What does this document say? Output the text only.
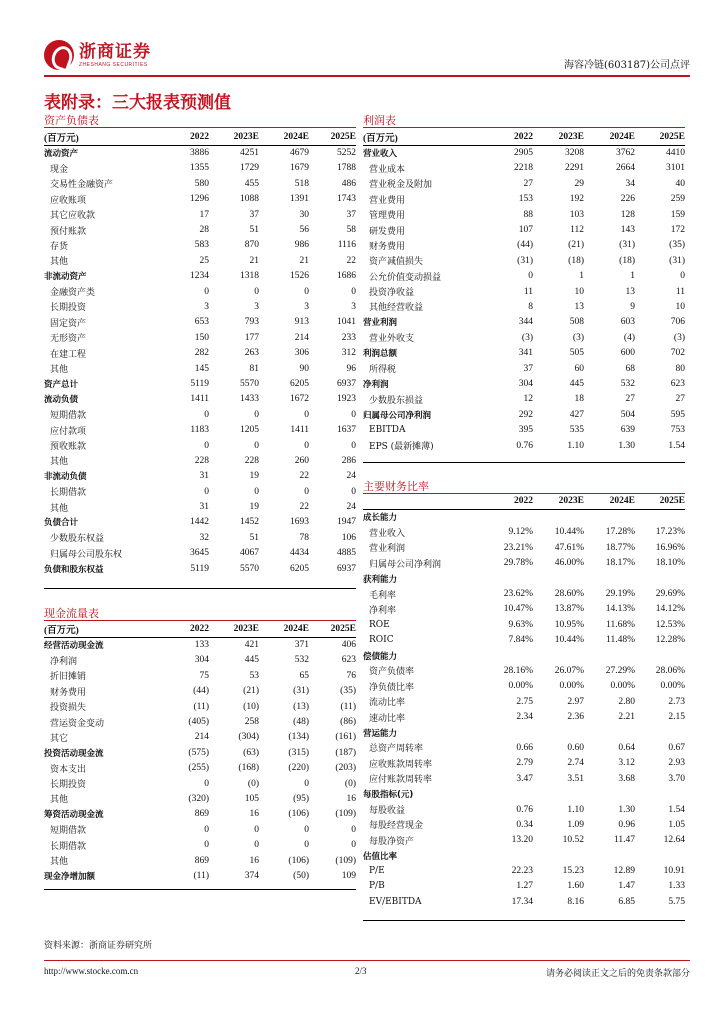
浙商证券
ZHESHANG SECURITIES	海容冷链(603187)公司点评
表附录：三大报表预测值
资产负债表	利润表
现金流量表
主要财务比率
(百万元)	2022	2023E	2024E	2025E
流动资产	3886	4251	4679	5252
现金	1355	1729	1679	1788
交易性金融资产	580	455	518	486
应收账项	1296	1088	1391	1743
其它应收款	17	37	30	37
预付账款	28	51	56	58
存货	583	870	986	1116
其他	25	21	21	22
非流动资产	1234	1318	1526	1686
金融资产类	0	0	0	0
长期投资	3	3	3	3
固定资产	653	793	913	1041
无形资产	150	177	214	233
在建工程	282	263	306	312
其他	145	81	90	96
资产总计	5119	5570	6205	6937
流动负债	1411	1433	1672	1923
短期借款	0	0	0	0
应付款项	1183	1205	1411	1637
预收账款	0	0	0	0
其他	228	228	260	286
非流动负债	31	19	22	24
长期借款	0	0	0	0
其他	31	19	22	24
负债合计	1442	1452	1693	1947
少数股东权益	32	51	78	106
归属母公司股东权	3645	4067	4434	4885
负债和股东权益	5119	5570	6205	6937
(百万元)	2022	2023E	2024E	2025E
营业收入	2905	3208	3762	4410
营业成本	2218	2291	2664	3101
营业税金及附加	27	29	34	40
营业费用	153	192	226	259
管理费用	88	103	128	159
研发费用	107	112	143	172
财务费用	(44)	(21)	(31)	(35)
资产减值损失	(31)	(18)	(18)	(31)
公允价值变动损益	0	1	1	0
投资净收益	11	10	13	11
其他经营收益	8	13	9	10
营业利润	344	508	603	706
营业外收支	(3)	(3)	(4)	(3)
利润总额	341	505	600	702
所得税	37	60	68	80
净利润	304	445	532	623
少数股东损益	12	18	27	27
归属母公司净利润	292	427	504	595
EBITDA	395	535	639	753
EPS (最新摊薄)	0.76	1.10	1.30	1.54
(百万元)	2022	2023E	2024E	2025E
经营活动现金流	133	421	371	406
净利润	304	445	532	623
折旧摊销	75	53	65	76
财务费用	(44)	(21)	(31)	(35)
投资损失	(11)	(10)	(13)	(11)
营运资金变动	(405)	258	(48)	(86)
其它	214	(304)	(134)	(161)
投资活动现金流	(575)	(63)	(315)	(187)
资本支出	(255)	(168)	(220)	(203)
长期投资	0	(0)	0	(0)
其他	(320)	105	(95)	16
筹资活动现金流	869	16	(106)	(109)
短期借款	0	0	0	0
长期借款	0	0	0	0
其他	869	16	(106)	(109)
现金净增加额	(11)	374	(50)	109
	2022	2023E	2024E	2025E
成长能力				
营业收入	9.12%	10.44%	17.28%	17.23%
营业利润	23.21%	47.61%	18.77%	16.96%
归属母公司净利润	29.78%	46.00%	18.17%	18.10%
获利能力				
毛利率	23.62%	28.60%	29.19%	29.69%
净利率	10.47%	13.87%	14.13%	14.12%
ROE	9.63%	10.95%	11.68%	12.53%
ROIC	7.84%	10.44%	11.48%	12.28%
偿债能力				
资产负债率	28.16%	26.07%	27.29%	28.06%
净负债比率	0.00%	0.00%	0.00%	0.00%
流动比率	2.75	2.97	2.80	2.73
速动比率	2.34	2.36	2.21	2.15
营运能力				
总资产周转率	0.66	0.60	0.64	0.67
应收账款周转率	2.79	2.74	3.12	2.93
应付账款周转率	3.47	3.51	3.68	3.70
每股指标(元)				
每股收益	0.76	1.10	1.30	1.54
每股经营现金	0.34	1.09	0.96	1.05
每股净资产	13.20	10.52	11.47	12.64
估值比率				
P/E	22.23	15.23	12.89	10.91
P/B	1.27	1.60	1.47	1.33
EV/EBITDA	17.34	8.16	6.85	5.75
资料来源：浙商证券研究所
http://www.stocke.com.cn	2/3	请务必阅读正文之后的免责条款部分
